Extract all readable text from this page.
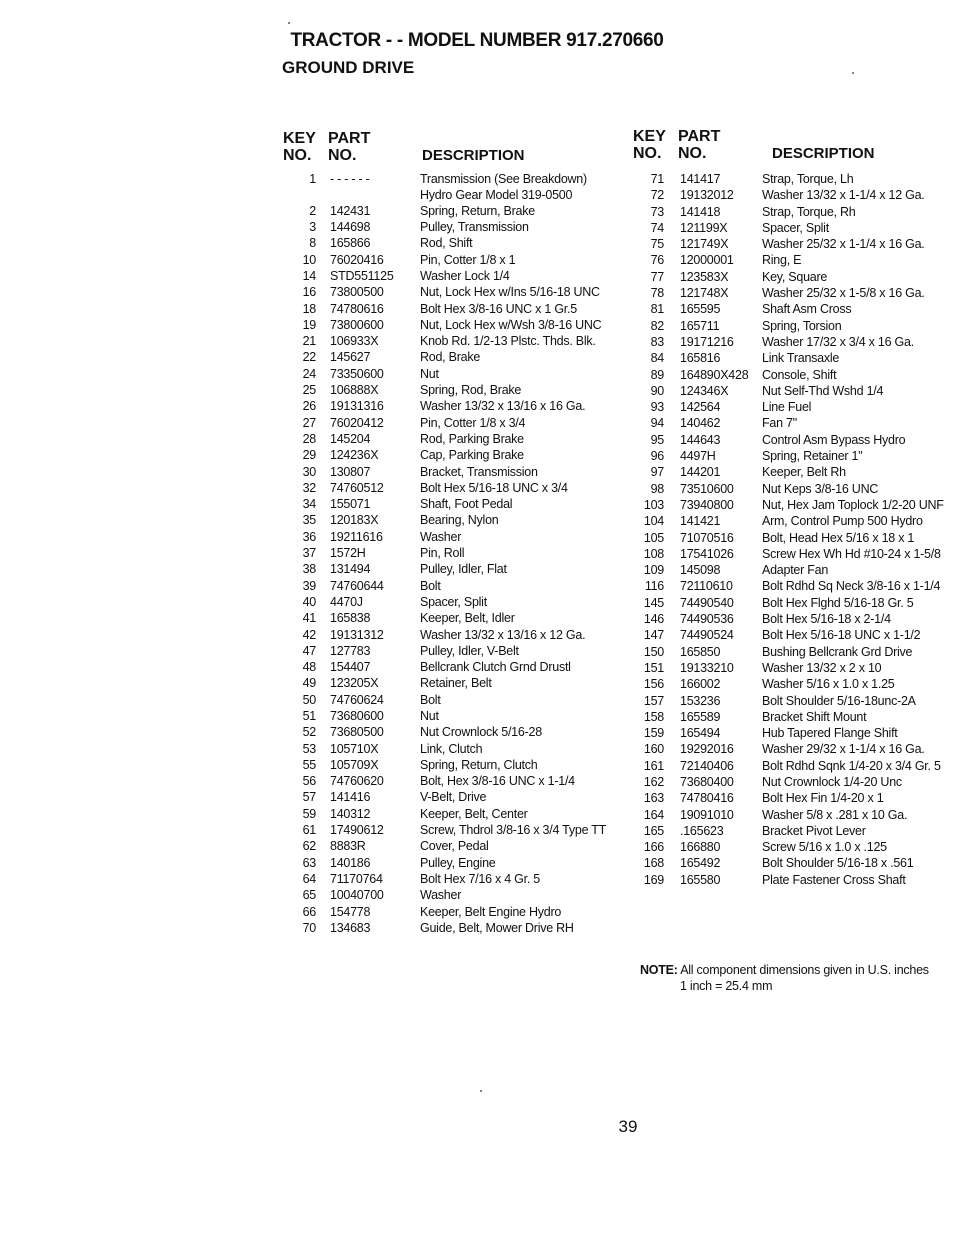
TRACTOR - - MODEL NUMBER 917.270660
GROUND DRIVE
KEY
NO.
PART
NO.	DESCRIPTION
KEY
NO.
PART
NO.	DESCRIPTION
1	- - - - - -	Transmission (See Breakdown) Hydro Gear Model 319-0500
2	142431	Spring, Return, Brake
3	144698	Pulley, Transmission
8	165866	Rod, Shift
10	76020416	Pin, Cotter 1/8 x 1
14	STD551125	Washer Lock 1/4
16	73800500	Nut, Lock Hex w/Ins 5/16-18 UNC
18	74780616	Bolt Hex 3/8-16 UNC x 1 Gr.5
19	73800600	Nut, Lock Hex w/Wsh 3/8-16 UNC
21	106933X	Knob Rd. 1/2-13 Plstc. Thds. Blk.
22	145627	Rod, Brake
24	73350600	Nut
25	106888X	Spring, Rod, Brake
26	19131316	Washer 13/32 x 13/16 x 16 Ga.
27	76020412	Pin, Cotter 1/8 x 3/4
28	145204	Rod, Parking Brake
29	124236X	Cap, Parking Brake
30	130807	Bracket, Transmission
32	74760512	Bolt Hex 5/16-18 UNC x 3/4
34	155071	Shaft, Foot Pedal
35	120183X	Bearing, Nylon
36	19211616	Washer
37	1572H	Pin, Roll
38	131494	Pulley, Idler, Flat
39	74760644	Bolt
40	4470J	Spacer, Split
41	165838	Keeper, Belt, Idler
42	19131312	Washer 13/32 x 13/16 x 12 Ga.
47	127783	Pulley, Idler, V-Belt
48	154407	Bellcrank Clutch Grnd Drustl
49	123205X	Retainer, Belt
50	74760624	Bolt
51	73680600	Nut
52	73680500	Nut Crownlock 5/16-28
53	105710X	Link, Clutch
55	105709X	Spring, Return, Clutch
56	74760620	Bolt, Hex 3/8-16 UNC x 1-1/4
57	141416	V-Belt, Drive
59	140312	Keeper, Belt, Center
61	17490612	Screw, Thdrol 3/8-16 x 3/4 Type TT
62	8883R	Cover, Pedal
63	140186	Pulley, Engine
64	71170764	Bolt Hex 7/16 x 4 Gr. 5
65	10040700	Washer
66	154778	Keeper, Belt Engine Hydro
70	134683	Guide, Belt, Mower Drive RH
71	141417	Strap, Torque, Lh
72	19132012	Washer 13/32 x 1-1/4 x 12 Ga.
73	141418	Strap, Torque, Rh
74	121199X	Spacer, Split
75	121749X	Washer 25/32 x 1-1/4 x 16 Ga.
76	12000001	Ring, E
77	123583X	Key, Square
78	121748X	Washer 25/32 x 1-5/8 x 16 Ga.
81	165595	Shaft Asm Cross
82	165711	Spring, Torsion
83	19171216	Washer 17/32 x 3/4 x 16 Ga.
84	165816	Link Transaxle
89	164890X428	Console, Shift
90	124346X	Nut Self-Thd Wshd 1/4
93	142564	Line Fuel
94	140462	Fan 7"
95	144643	Control Asm Bypass Hydro
96	4497H	Spring, Retainer 1"
97	144201	Keeper, Belt Rh
98	73510600	Nut Keps 3/8-16 UNC
103	73940800	Nut, Hex Jam Toplock 1/2-20 UNF
104	141421	Arm, Control Pump 500 Hydro
105	71070516	Bolt, Head Hex 5/16 x 18 x 1
108	17541026	Screw Hex Wh Hd #10-24 x 1-5/8
109	145098	Adapter Fan
116	72110610	Bolt Rdhd Sq Neck 3/8-16 x 1-1/4
145	74490540	Bolt Hex Flghd 5/16-18 Gr. 5
146	74490536	Bolt Hex 5/16-18 x 2-1/4
147	74490524	Bolt Hex 5/16-18 UNC x 1-1/2
150	165850	Bushing Bellcrank Grd Drive
151	19133210	Washer 13/32 x 2 x 10
156	166002	Washer 5/16 x 1.0 x 1.25
157	153236	Bolt Shoulder 5/16-18unc-2A
158	165589	Bracket Shift Mount
159	165494	Hub Tapered Flange Shift
160	19292016	Washer 29/32 x 1-1/4 x 16 Ga.
161	72140406	Bolt Rdhd Sqnk 1/4-20 x 3/4 Gr. 5
162	73680400	Nut Crownlock 1/4-20 Unc
163	74780416	Bolt Hex Fin 1/4-20 x 1
164	19091010	Washer 5/8 x .281 x 10 Ga.
165	.165623	Bracket Pivot Lever
166	166880	Screw 5/16 x 1.0 x .125
168	165492	Bolt Shoulder 5/16-18 x .561
169	165580	Plate Fastener Cross Shaft
NOTE: All component dimensions given in U.S. inches
1 inch = 25.4 mm
39
